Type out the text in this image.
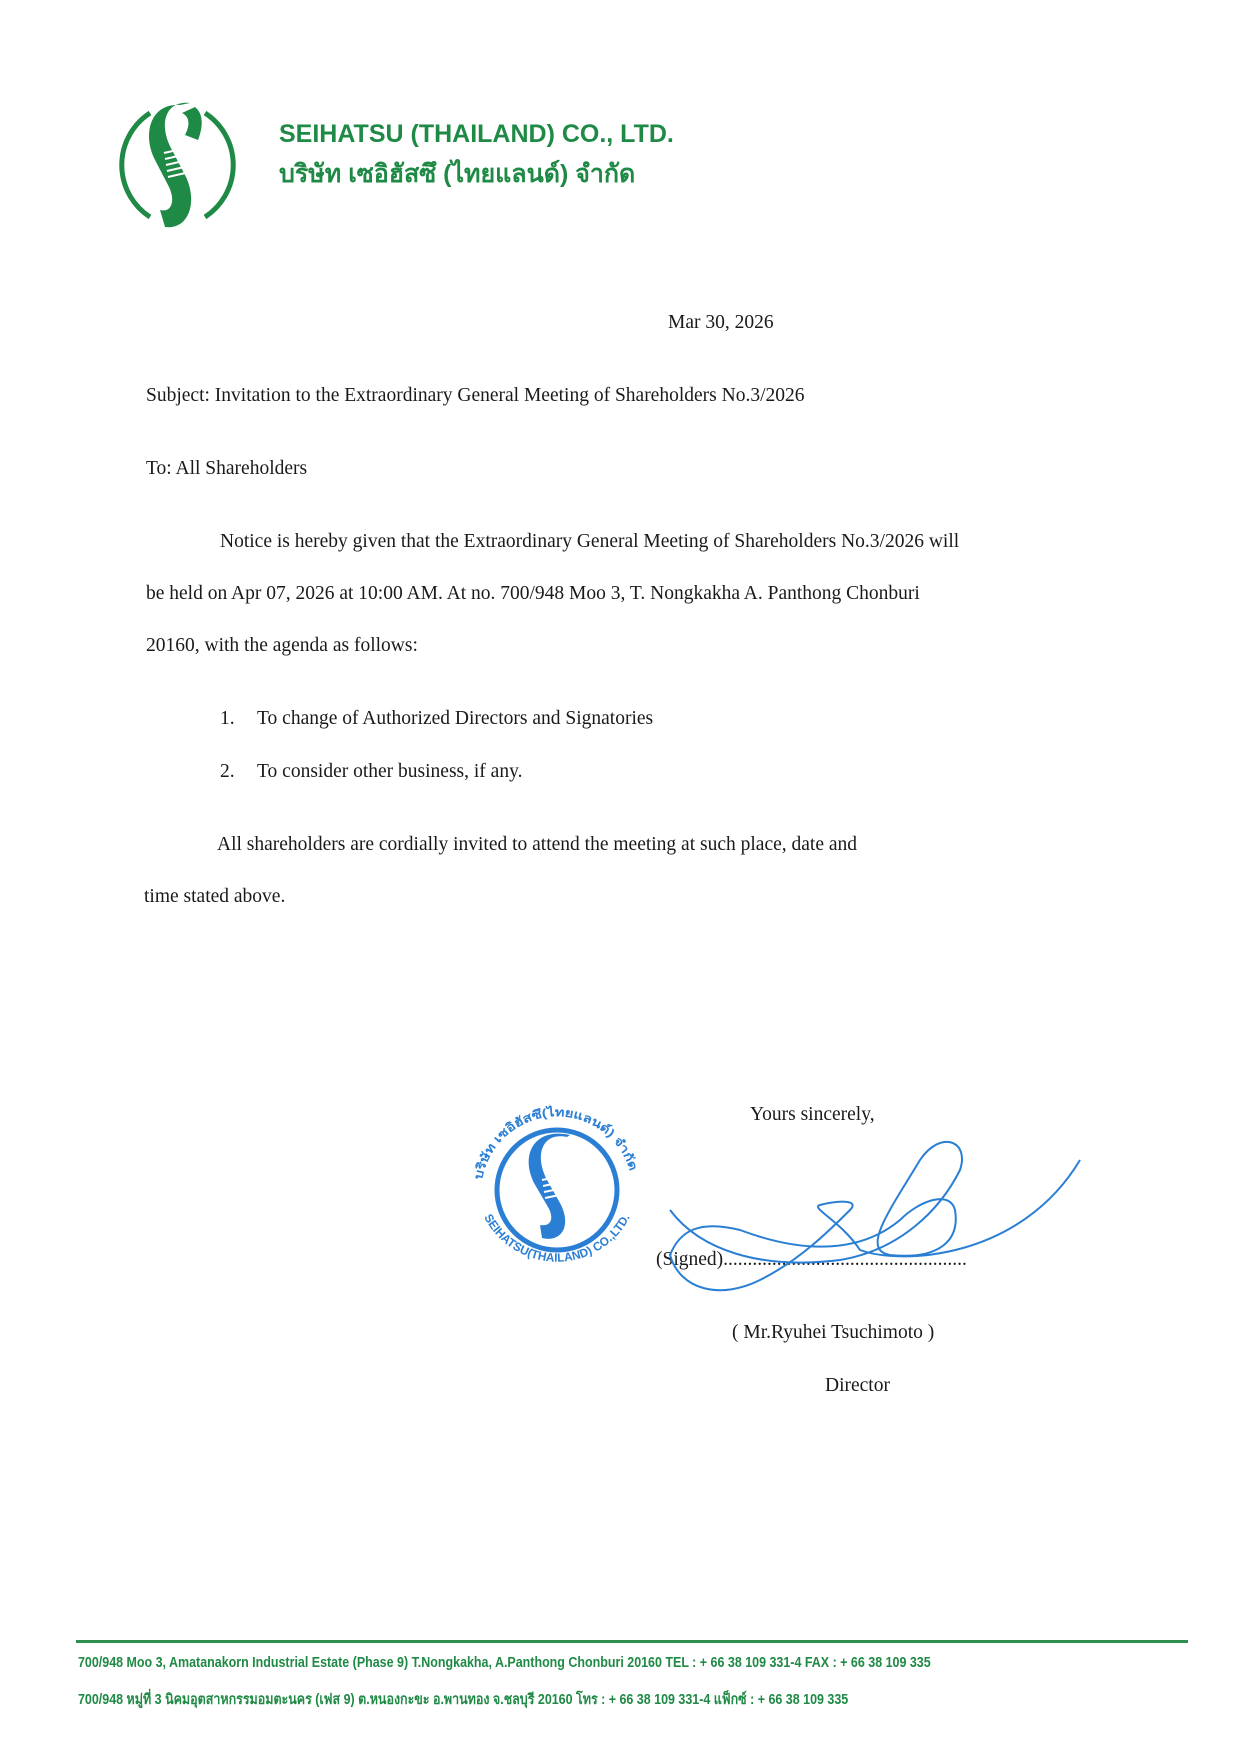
SEIHATSU (THAILAND) CO., LTD.
บริษัท เซอิฮัสซึ (ไทยแลนด์) จำกัด
Mar 30, 2026
Subject: Invitation to the Extraordinary General Meeting of Shareholders No.3/2026
To: All Shareholders
Notice is hereby given that the Extraordinary General Meeting of Shareholders No.3/2026 will
be held on Apr 07, 2026 at 10:00 AM. At no. 700/948 Moo 3, T. Nongkakha A. Panthong Chonburi
20160, with the agenda as follows:
1. To change of Authorized Directors and Signatories
2. To consider other business, if any.
All shareholders are cordially invited to attend the meeting at such place, date and
time stated above.
Yours sincerely,
บริษัท เซอิฮัสซึ(ไทยแลนด์) จำกัด
SEIHATSU(THAILAND) CO.,LTD.
(Signed)..................................................
( Mr.Ryuhei Tsuchimoto )
Director
700/948 Moo 3, Amatanakorn Industrial Estate (Phase 9) T.Nongkakha, A.Panthong Chonburi 20160 TEL : + 66 38 109 331-4 FAX : + 66 38 109 335
700/948 หมู่ที่ 3 นิคมอุตสาหกรรมอมตะนคร (เฟส 9) ต.หนองกะขะ อ.พานทอง จ.ชลบุรี 20160 โทร : + 66 38 109 331-4 แฟ็กซ์ : + 66 38 109 335
